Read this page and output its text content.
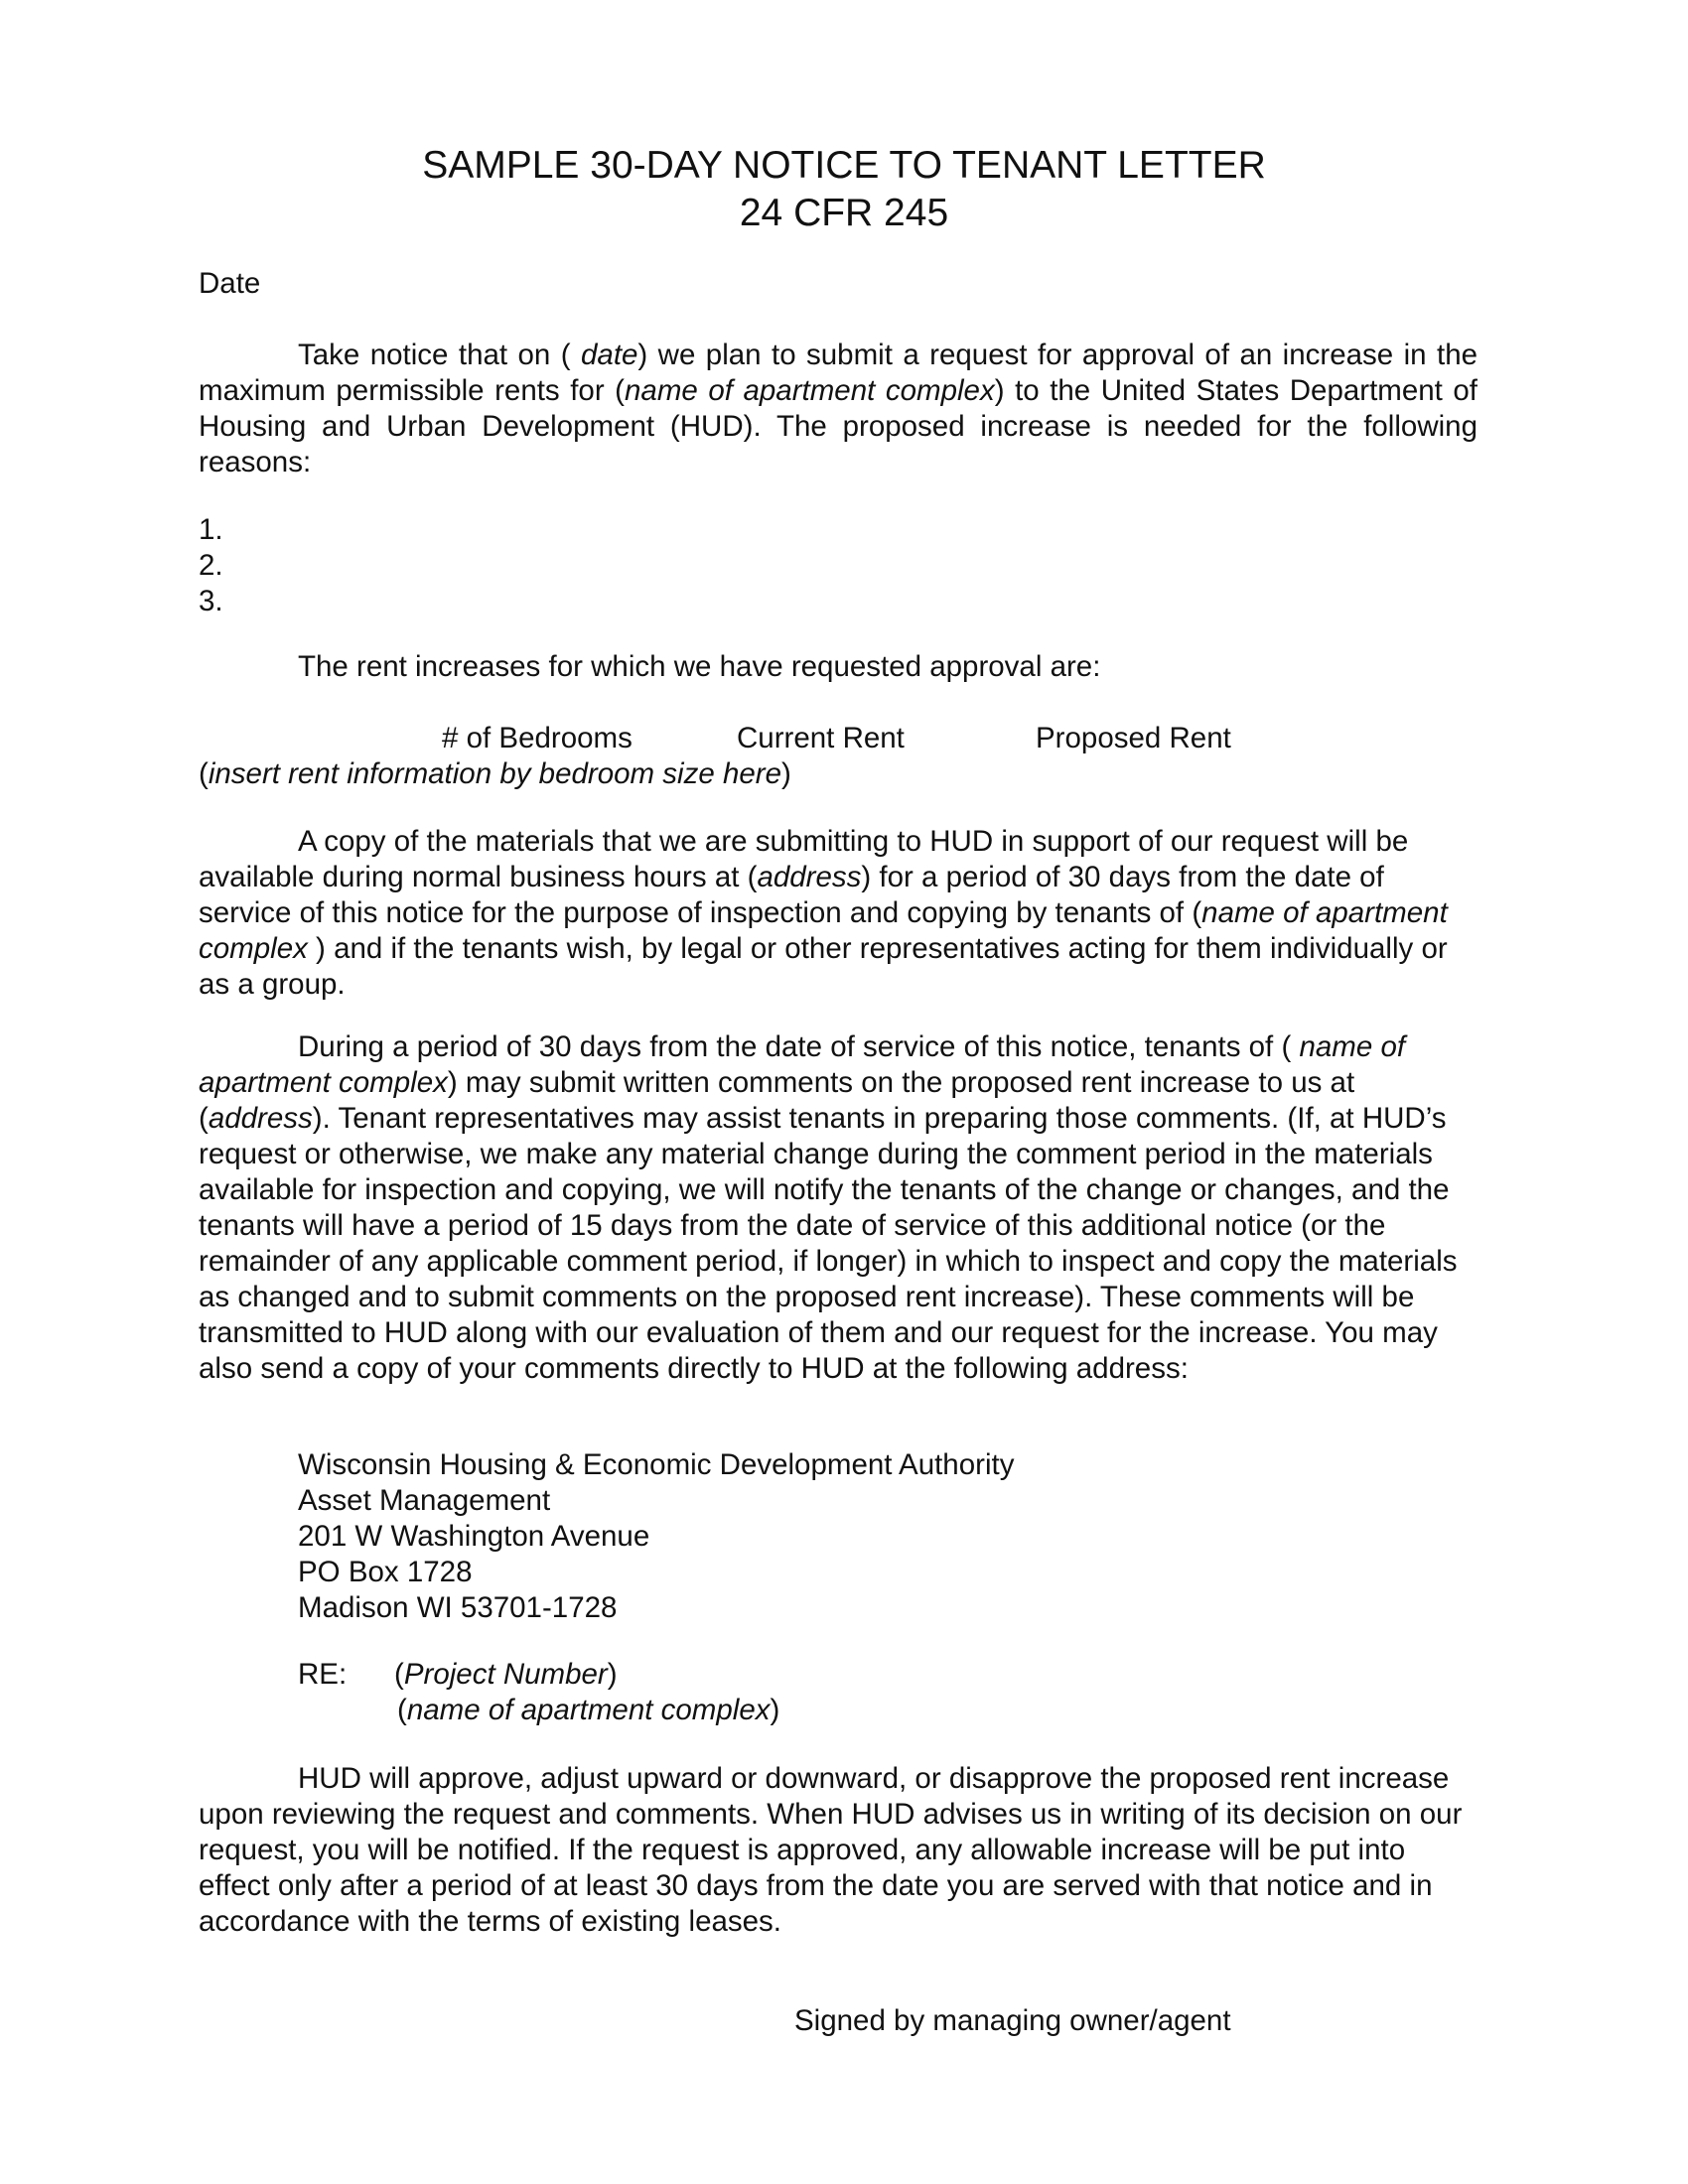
SAMPLE 30-DAY NOTICE TO TENANT LETTER
24 CFR 245
Date
Take notice that on ( date) we plan to submit a request for approval of an increase in the maximum permissible rents for (name of apartment complex) to the United States Department of Housing and Urban Development (HUD). The proposed increase is needed for the following reasons:
1.
2.
3.
The rent increases for which we have requested approval are:
# of Bedrooms	Current Rent	Proposed Rent
(insert rent information by bedroom size here)
A copy of the materials that we are submitting to HUD in support of our request will be available during normal business hours at (address) for a period of 30 days from the date of service of this notice for the purpose of inspection and copying by tenants of (name of apartment complex ) and if the tenants wish, by legal or other representatives acting for them individually or as a group.
During a period of 30 days from the date of service of this notice, tenants of ( name of apartment complex) may submit written comments on the proposed rent increase to us at (address). Tenant representatives may assist tenants in preparing those comments. (If, at HUD’s request or otherwise, we make any material change during the comment period in the materials available for inspection and copying, we will notify the tenants of the change or changes, and the tenants will have a period of 15 days from the date of service of this additional notice (or the remainder of any applicable comment period, if longer) in which to inspect and copy the materials as changed and to submit comments on the proposed rent increase). These comments will be transmitted to HUD along with our evaluation of them and our request for the increase. You may also send a copy of your comments directly to HUD at the following address:
Wisconsin Housing & Economic Development Authority
Asset Management
201 W Washington Avenue
PO Box 1728
Madison WI 53701-1728
RE: (Project Number)
(name of apartment complex)
HUD will approve, adjust upward or downward, or disapprove the proposed rent increase upon reviewing the request and comments. When HUD advises us in writing of its decision on our request, you will be notified. If the request is approved, any allowable increase will be put into effect only after a period of at least 30 days from the date you are served with that notice and in accordance with the terms of existing leases.
Signed by managing owner/agent
